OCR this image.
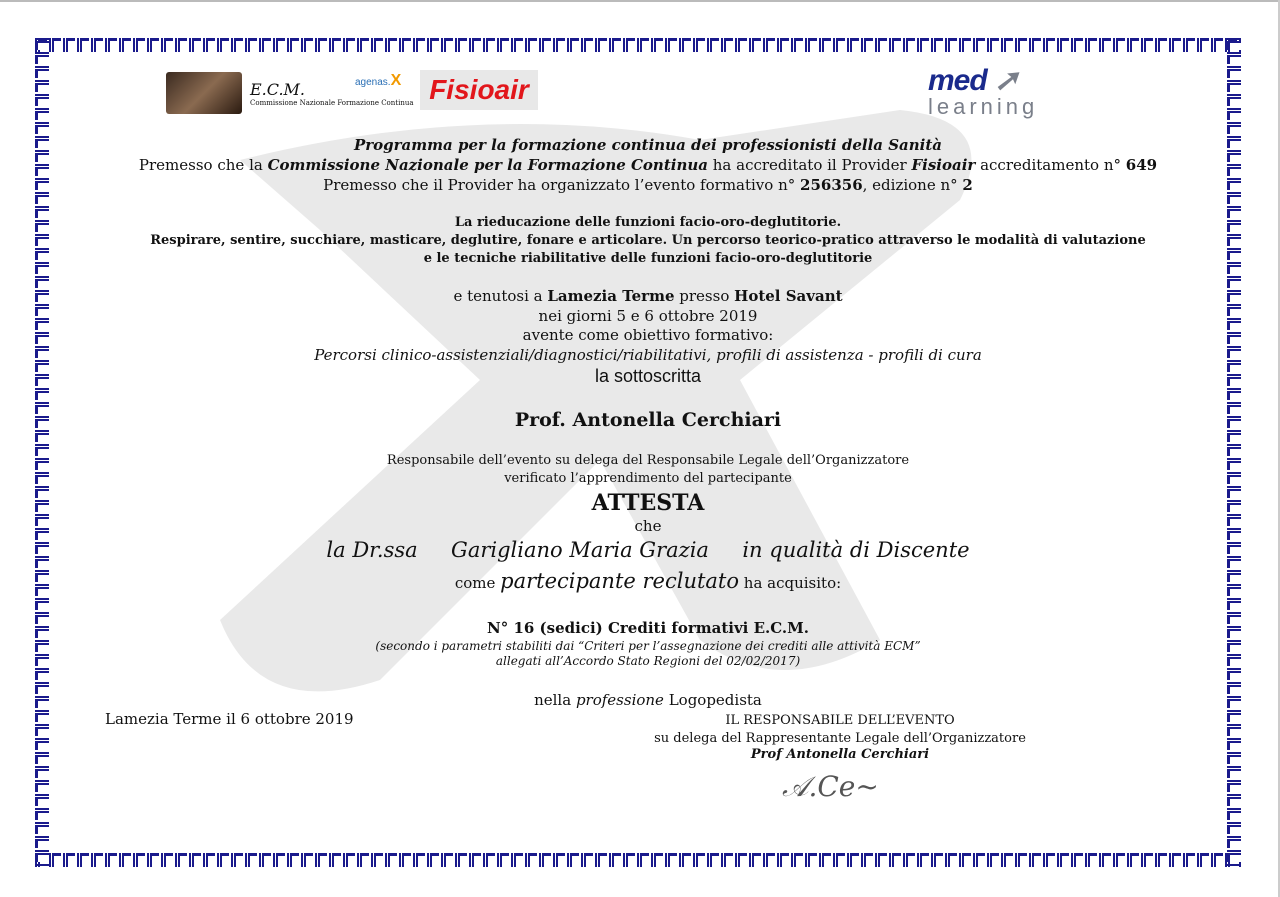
E.C.M.
Commissione Nazionale Formazione Continua
agenas.X Fisioair	med ➚
learning
Programma per la formazione continua dei professionisti della Sanità
Premesso che la Commissione Nazionale per la Formazione Continua ha accreditato il Provider Fisioair accreditamento n° 649
Premesso che il Provider ha organizzato l’evento formativo n° 256356, edizione n° 2
La rieducazione delle funzioni facio-oro-deglutitorie.
Respirare, sentire, succhiare, masticare, deglutire, fonare e articolare. Un percorso teorico-pratico attraverso le modalità di valutazione
e le tecniche riabilitative delle funzioni facio-oro-deglutitorie
e tenutosi a Lamezia Terme presso Hotel Savant
nei giorni 5 e 6 ottobre 2019
avente come obiettivo formativo:
Percorsi clinico-assistenziali/diagnostici/riabilitativi, profili di assistenza - profili di cura
la sottoscritta
Prof. Antonella Cerchiari
Responsabile dell’evento su delega del Responsabile Legale dell’Organizzatore
verificato l’apprendimento del partecipante
ATTESTA
che
la Dr.ssa Garigliano Maria Grazia in qualità di Discente
come partecipante reclutato ha acquisito:
N° 16 (sedici) Crediti formativi E.C.M.
(secondo i parametri stabiliti dai “Criteri per l’assegnazione dei crediti alle attività ECM”
allegati all’Accordo Stato Regioni del 02/02/2017)
nella professione Logopedista
Lamezia Terme il 6 ottobre 2019	IL RESPONSABILE DELL’EVENTO
su delega del Rappresentante Legale dell’Organizzatore
Prof Antonella Cerchiari
𝒜.Ce~
